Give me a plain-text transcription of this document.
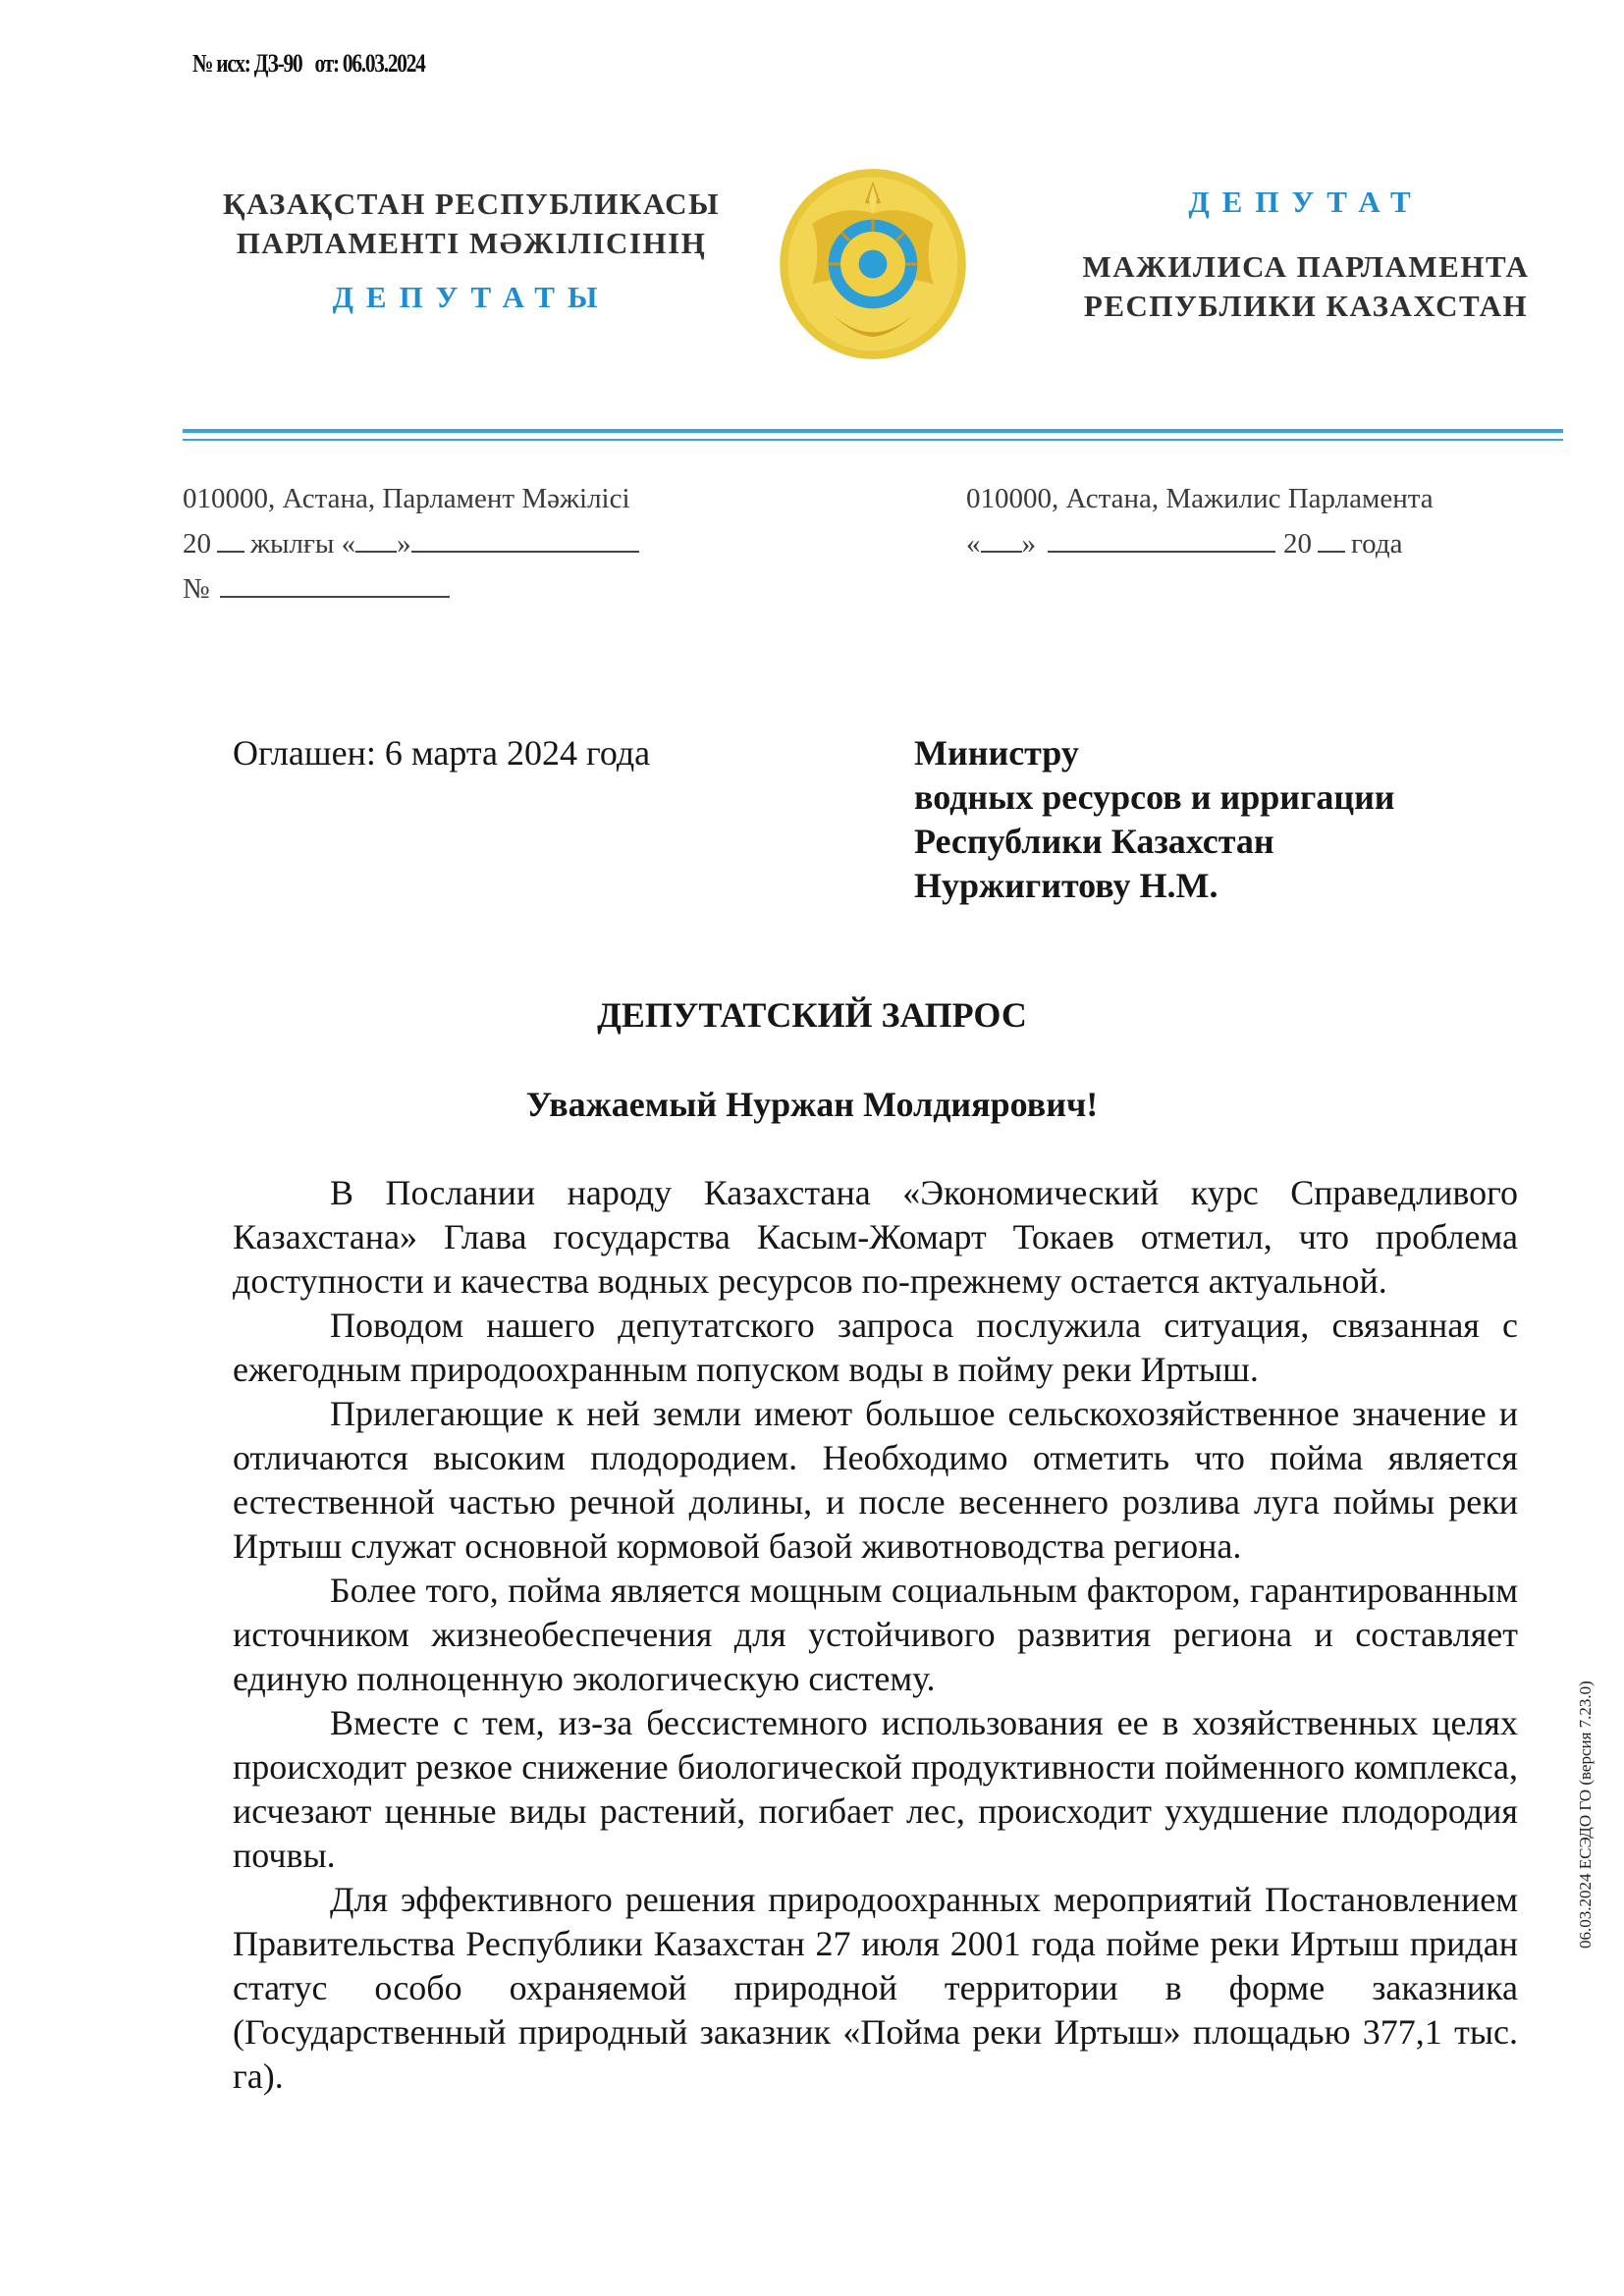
№ исх: ДЗ-90 от: 06.03.2024
ҚАЗАҚСТАН РЕСПУБЛИКАСЫ
ПАРЛАМЕНТІ МӘЖІЛІСІНІҢ
ДЕПУТАТЫ
ДЕПУТАТ
МАЖИЛИСА ПАРЛАМЕНТА
РЕСПУБЛИКИ КАЗАХСТАН
010000, Астана, Парламент Мәжілісі
20 жылғы « »
№
010000, Астана, Мажилис Парламента
« »	20 года
Оглашен: 6 марта 2024 года	Министру
водных ресурсов и ирригации
Республики Казахстан
Нуржигитову Н.М.
ДЕПУТАТСКИЙ ЗАПРОС
Уважаемый Нуржан Молдиярович!

В Послании народу Казахстана «Экономический курс Справедливого Казахстана» Глава государства Касым-Жомарт Токаев отметил, что проблема доступности и качества водных ресурсов по-прежнему остается актуальной.

Поводом нашего депутатского запроса послужила ситуация, связанная с ежегодным природоохранным попуском воды в пойму реки Иртыш.

Прилегающие к ней земли имеют большое сельскохозяйственное значение и отличаются высоким плодородием. Необходимо отметить что пойма является естественной частью речной долины, и после весеннего розлива луга поймы реки Иртыш служат основной кормовой базой животноводства региона.

Более того, пойма является мощным социальным фактором, гарантированным источником жизнеобеспечения для устойчивого развития региона и составляет единую полноценную экологическую систему.

Вместе с тем, из-за бессистемного использования ее в хозяйственных целях происходит резкое снижение биологической продуктивности пойменного комплекса, исчезают ценные виды растений, погибает лес, происходит ухудшение плодородия почвы.

Для эффективного решения природоохранных мероприятий Постановлением Правительства Республики Казахстан 27 июля 2001 года пойме реки Иртыш придан статус особо охраняемой природной территории в форме заказника (Государственный природный заказник «Пойма реки Иртыш» площадью 377,1 тыс. га).

06.03.2024 ЕСЭДО ГО (версия 7.23.0)
